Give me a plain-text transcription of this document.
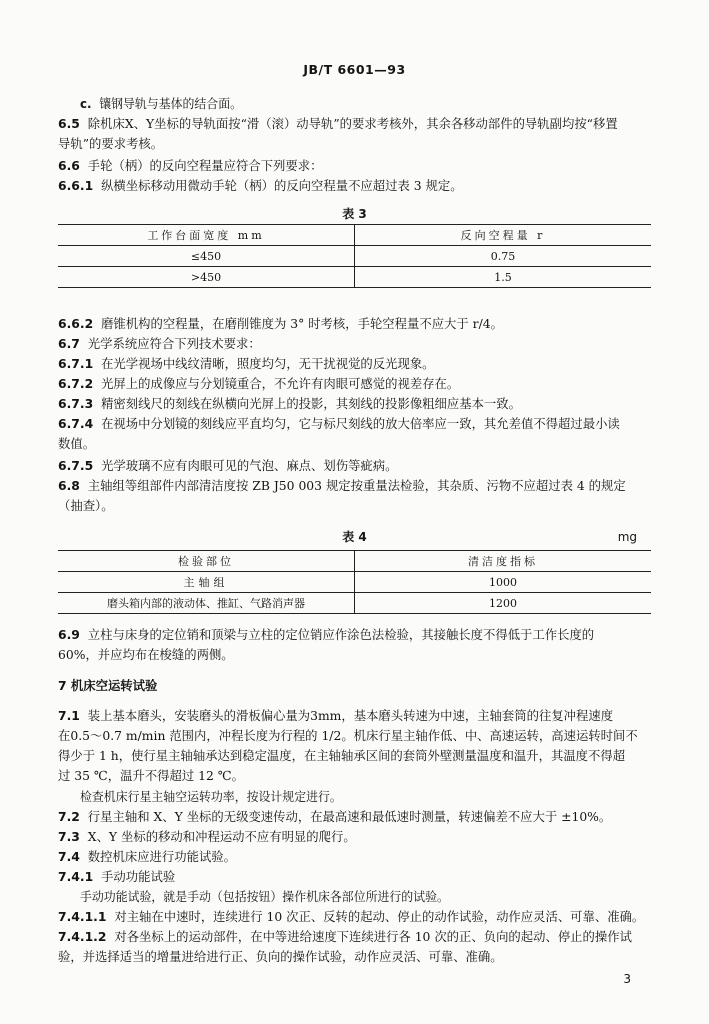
JB/T 6601—93
c. 镶钢导轨与基体的结合面。
6.5 除机床X、Y坐标的导轨面按“滑（滚）动导轨”的要求考核外，其余各移动部件的导轨副均按“移置
导轨”的要求考核。
6.6 手轮（柄）的反向空程量应符合下列要求：
6.6.1 纵横坐标移动用微动手轮（柄）的反向空程量不应超过表 3 规定。
表 3
工作台面宽度 mm	反向空程量 r
≤450	0.75
>450	1.5
6.6.2 磨锥机构的空程量，在磨削锥度为 3° 时考核，手轮空程量不应大于 r/4。
6.7 光学系统应符合下列技术要求：
6.7.1 在光学视场中线纹清晰，照度均匀，无干扰视觉的反光现象。
6.7.2 光屏上的成像应与分划镜重合，不允许有肉眼可感觉的视差存在。
6.7.3 精密刻线尺的刻线在纵横向光屏上的投影，其刻线的投影像粗细应基本一致。
6.7.4 在视场中分划镜的刻线应平直均匀，它与标尺刻线的放大倍率应一致，其允差值不得超过最小读
数值。
6.7.5 光学玻璃不应有肉眼可见的气泡、麻点、划伤等疵病。
6.8 主轴组等组部件内部清洁度按 ZB J50 003 规定按重量法检验，其杂质、污物不应超过表 4 的规定
（抽查）。
表 4	mg
检验部位	清洁度指标
主轴组	1000
磨头箱内部的液动体、推缸、气路消声器	1200
6.9 立柱与床身的定位销和顶梁与立柱的定位销应作涂色法检验，其接触长度不得低于工作长度的
60%，并应均布在梭缝的两侧。
7 机床空运转试验
7.1 装上基本磨头，安装磨头的滑板偏心量为3mm，基本磨头转速为中速，主轴套筒的往复冲程速度
在0.5～0.7 m/min 范围内，冲程长度为行程的 1/2。机床行星主轴作低、中、高速运转，高速运转时间不
得少于 1 h，使行星主轴轴承达到稳定温度，在主轴轴承区间的套筒外壁测量温度和温升，其温度不得超
过 35 ℃，温升不得超过 12 ℃。
检查机床行星主轴空运转功率，按设计规定进行。
7.2 行星主轴和 X、Y 坐标的无级变速传动，在最高速和最低速时测量，转速偏差不应大于 ±10%。
7.3 X、Y 坐标的移动和冲程运动不应有明显的爬行。
7.4 数控机床应进行功能试验。
7.4.1 手动功能试验
手动功能试验，就是手动（包括按钮）操作机床各部位所进行的试验。
7.4.1.1 对主轴在中速时，连续进行 10 次正、反转的起动、停止的动作试验，动作应灵活、可靠、准确。
7.4.1.2 对各坐标上的运动部件，在中等进给速度下连续进行各 10 次的正、负向的起动、停止的操作试
验，并选择适当的增量进给进行正、负向的操作试验，动作应灵活、可靠、准确。
3
